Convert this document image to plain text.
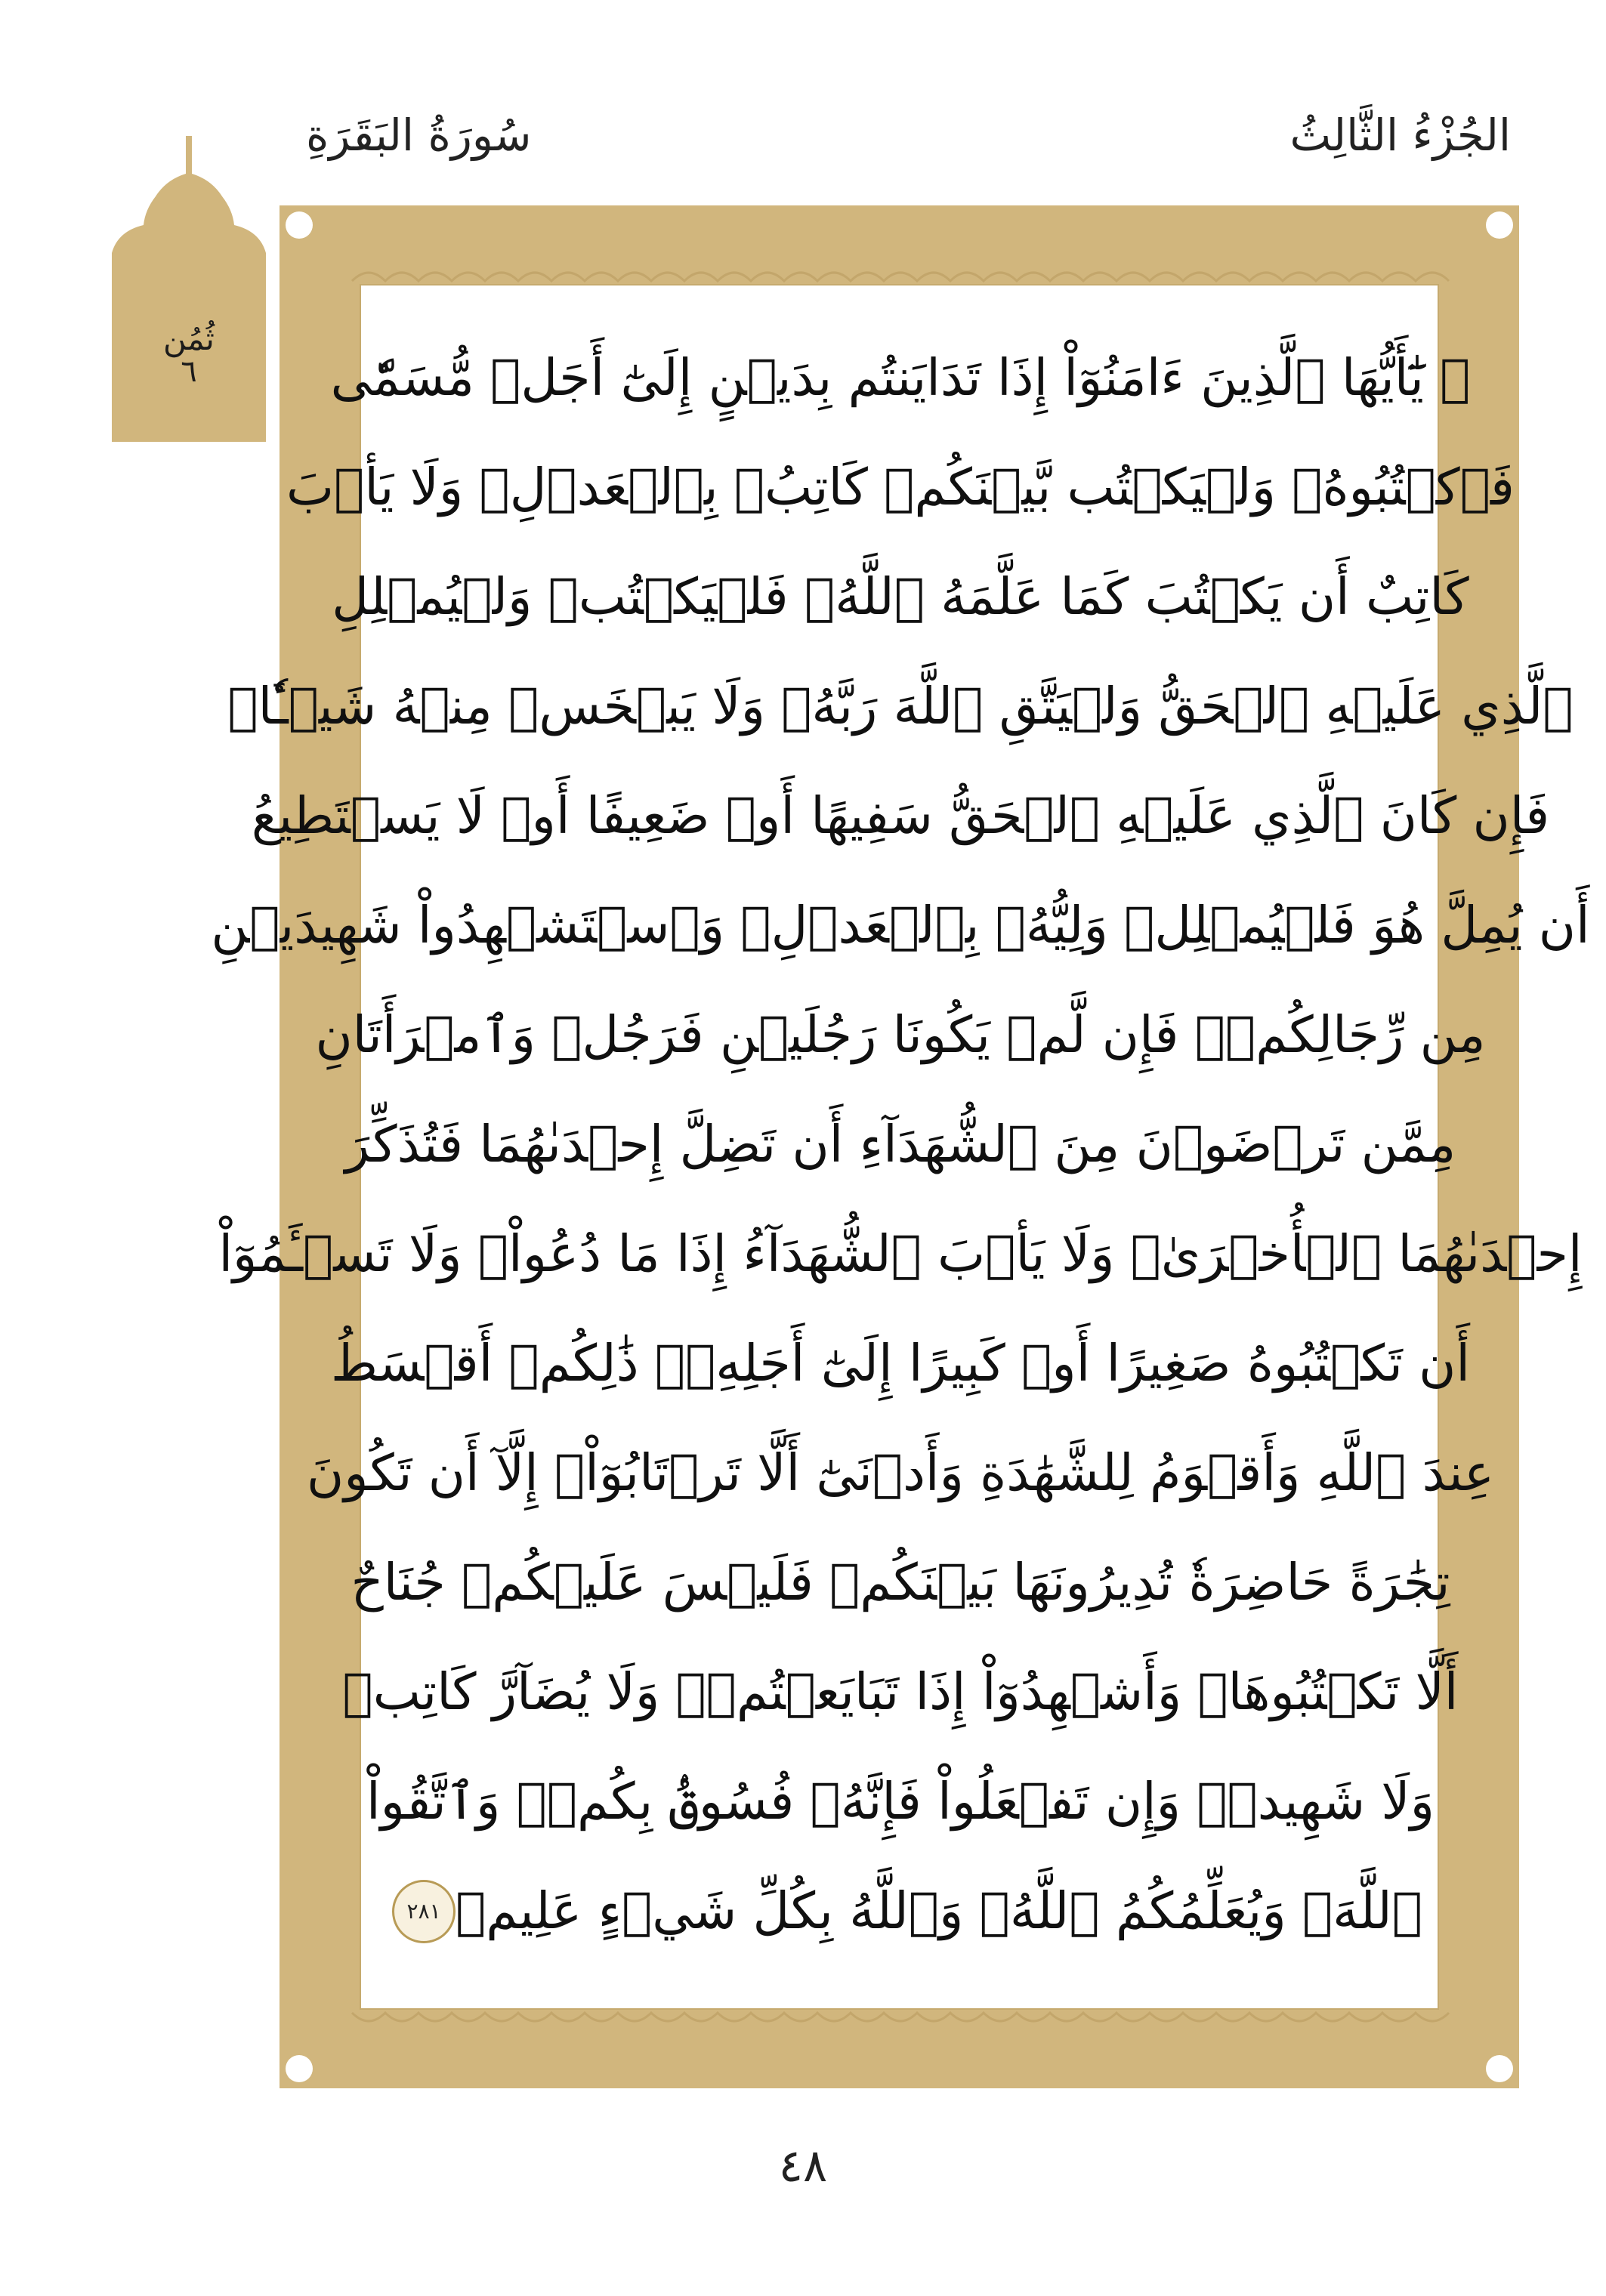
الجُزْءُ الثَّالِثُ
سُورَةُ البَقَرَةِ
ثُمُن
٦	۞ يَٰٓأَيُّهَا ٱلَّذِينَ ءَامَنُوٓاْ إِذَا تَدَايَنتُم بِدَيۡنٍ إِلَىٰٓ أَجَلٖ مُّسَمّٗى
فَٱكۡتُبُوهُۚ وَلۡيَكۡتُب بَّيۡنَكُمۡ كَاتِبُۢ بِٱلۡعَدۡلِۚ وَلَا يَأۡبَ
كَاتِبٌ أَن يَكۡتُبَ كَمَا عَلَّمَهُ ٱللَّهُۚ فَلۡيَكۡتُبۡ وَلۡيُمۡلِلِ
ٱلَّذِي عَلَيۡهِ ٱلۡحَقُّ وَلۡيَتَّقِ ٱللَّهَ رَبَّهُۥ وَلَا يَبۡخَسۡ مِنۡهُ شَيۡـٔٗاۚ
فَإِن كَانَ ٱلَّذِي عَلَيۡهِ ٱلۡحَقُّ سَفِيهًا أَوۡ ضَعِيفًا أَوۡ لَا يَسۡتَطِيعُ
أَن يُمِلَّ هُوَ فَلۡيُمۡلِلۡ وَلِيُّهُۥ بِٱلۡعَدۡلِۚ وَٱسۡتَشۡهِدُواْ شَهِيدَيۡنِ
مِن رِّجَالِكُمۡۖ فَإِن لَّمۡ يَكُونَا رَجُلَيۡنِ فَرَجُلٞ وَٱمۡرَأَتَانِ
مِمَّن تَرۡضَوۡنَ مِنَ ٱلشُّهَدَآءِ أَن تَضِلَّ إِحۡدَىٰهُمَا فَتُذَكِّرَ
إِحۡدَىٰهُمَا ٱلۡأُخۡرَىٰۚ وَلَا يَأۡبَ ٱلشُّهَدَآءُ إِذَا مَا دُعُواْۚ وَلَا تَسۡـَٔمُوٓاْ
أَن تَكۡتُبُوهُ صَغِيرًا أَوۡ كَبِيرًا إِلَىٰٓ أَجَلِهِۦۚ ذَٰلِكُمۡ أَقۡسَطُ
عِندَ ٱللَّهِ وَأَقۡوَمُ لِلشَّهَٰدَةِ وَأَدۡنَىٰٓ أَلَّا تَرۡتَابُوٓاْۖ إِلَّآ أَن تَكُونَ
تِجَٰرَةً حَاضِرَةٗ تُدِيرُونَهَا بَيۡنَكُمۡ فَلَيۡسَ عَلَيۡكُمۡ جُنَاحٌ
أَلَّا تَكۡتُبُوهَاۗ وَأَشۡهِدُوٓاْ إِذَا تَبَايَعۡتُمۡۚ وَلَا يُضَآرَّ كَاتِبٞ
وَلَا شَهِيدٞۚ وَإِن تَفۡعَلُواْ فَإِنَّهُۥ فُسُوقُۢ بِكُمۡۗ وَٱتَّقُواْ
ٱللَّهَۖ وَيُعَلِّمُكُمُ ٱللَّهُۗ وَٱللَّهُ بِكُلِّ شَيۡءٍ عَلِيمٞ
٢٨١
٤٨
